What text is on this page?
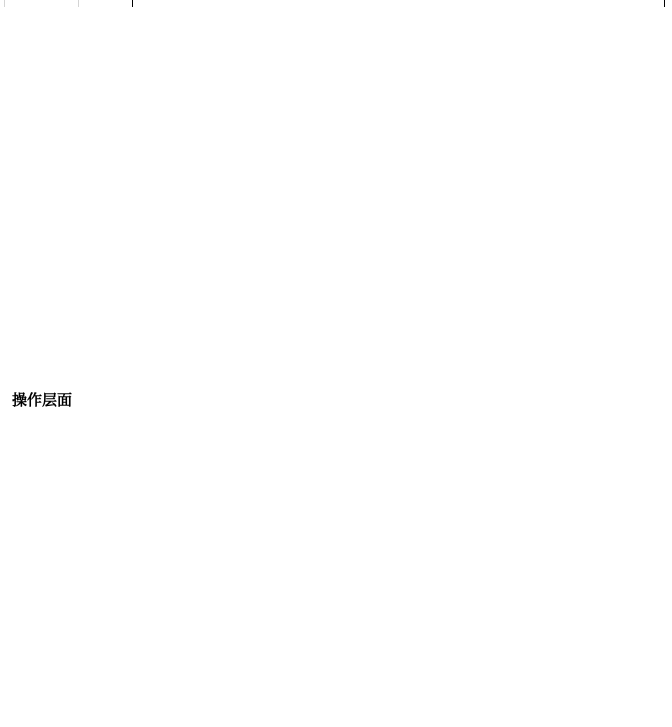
操作层面
